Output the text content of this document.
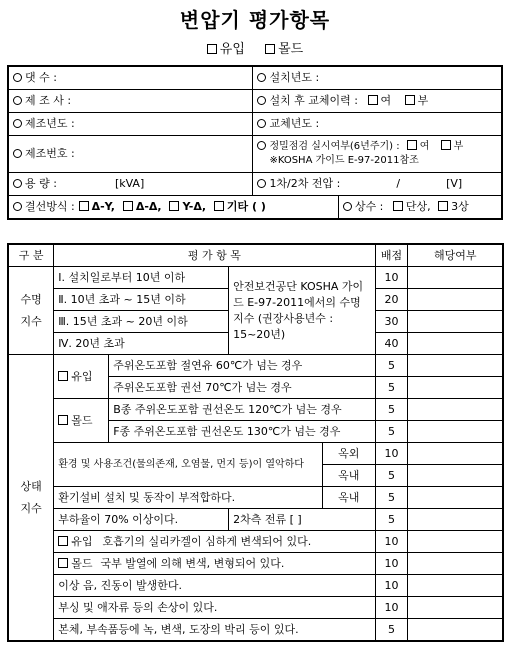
변압기 평가항목
유입	몰드
댓 수 :	설치년도 :	
제 조 사 :	설치 후 교체이력 : 여 부	
제조년도 :	교체년도 :	
제조번호 :	정밀점검 실시여부(6년주기) : 여 부
※KOSHA 가이드 E-97-2011참조	

용 량 : [kVA]	1차/2차 전압 : / [V]	
결선방식 : Δ-Y, Δ-Δ, Y-Δ, 기타 ( )		상수 : 단상, 3상
구 분	평 가 항 목				배점	해당여부
수명
지수	Ⅰ. 설치일로부터 10년 이하		안전보건공단 KOSHA 가이드 E-97-2011에서의 수명지수 (권장사용년수 : 15~20년)		10	
	Ⅱ. 10년 초과 ~ 15년 이하				20	
	Ⅲ. 15년 초과 ~ 20년 이하				30	
	Ⅳ. 20년 초과				40	
상태
지수	유입	주위온도포함 절연유 60℃가 넘는 경우			5	
		주위온도포함 권선 70℃가 넘는 경우			5	
	몰드	B종 주위온도포함 권선온도 120℃가 넘는 경우			5	
		F종 주위온도포함 권선온도 130℃가 넘는 경우			5	
	환경 및 사용조건(물의존재, 오염물, 먼지 등)이 열악하다			옥외	10	
				옥내	5	
	환기설비 설치 및 동작이 부적합하다.			옥내	5	
	부하율이 70% 이상이다.		2차측 전류 [ ]		5	
	유입 호흡기의 실리카겔이 심하게 변색되어 있다.				10	
	몰드 국부 발열에 의해 변색, 변형되어 있다.				10	
	이상 음, 진동이 발생한다.				10	
	부싱 및 애자류 등의 손상이 있다.				10	
	본체, 부속품등에 녹, 변색, 도장의 박리 등이 있다.				5	
